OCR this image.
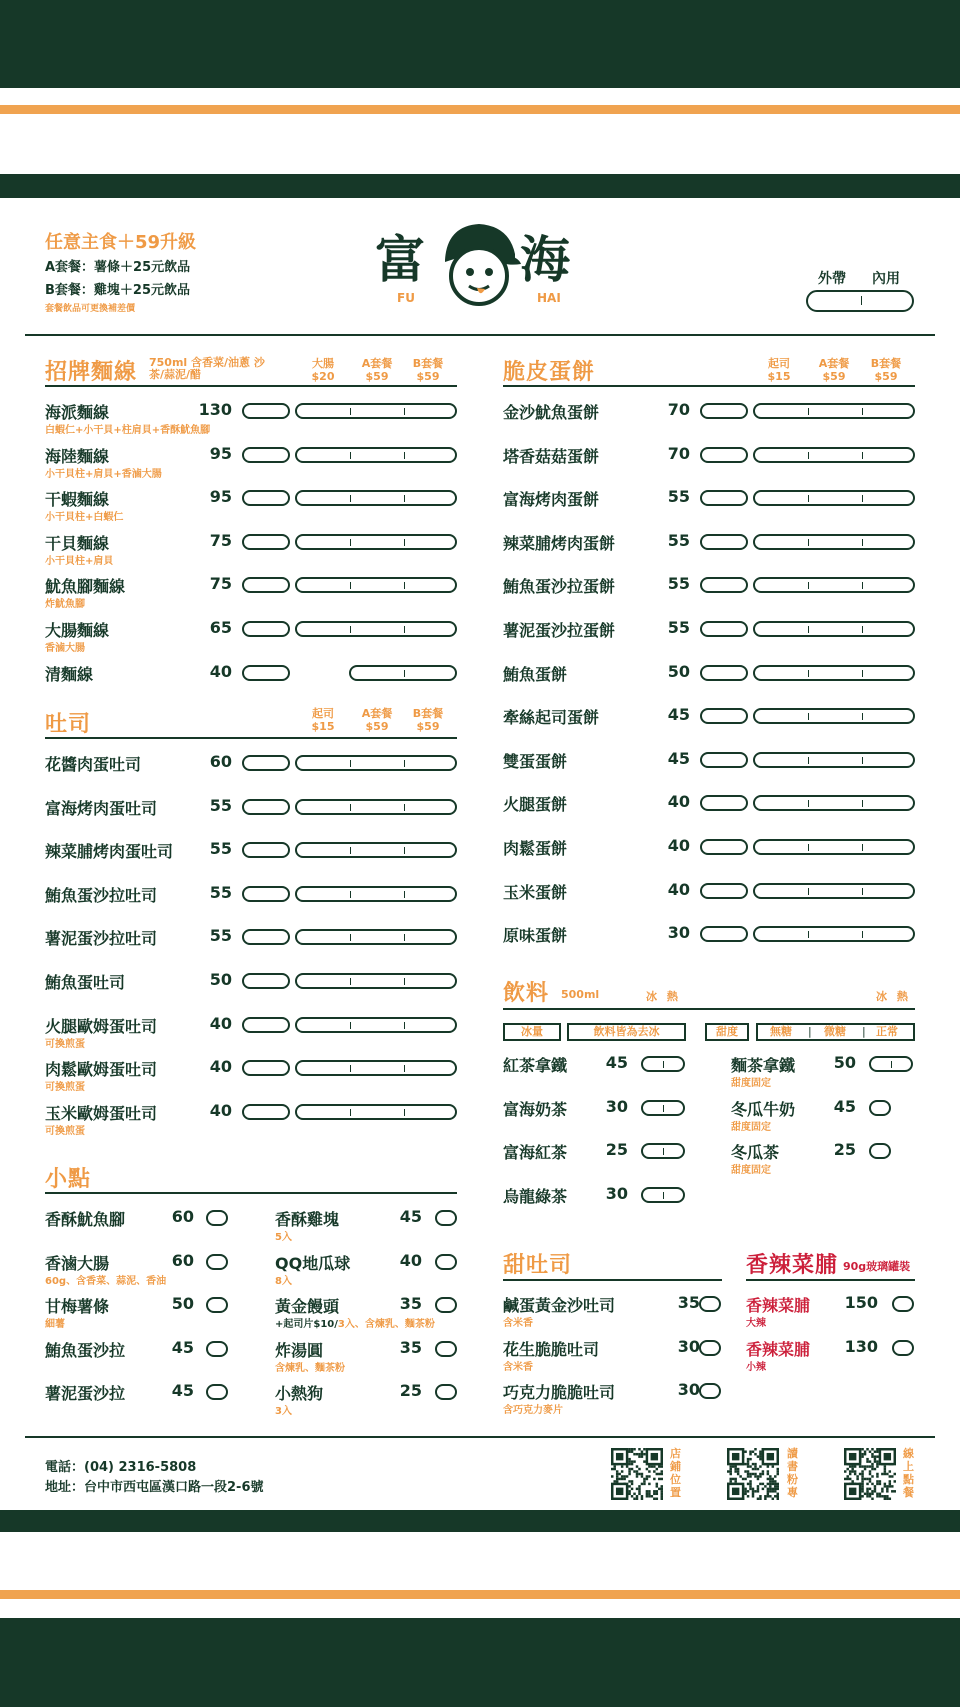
任意主食＋59升級
A套餐：薯條＋25元飲品
B套餐：雞塊＋25元飲品
套餐飲品可更換補差價
富 海
FU	HAI
外帶 內用
招牌麵線 750ml 含香菜/油蔥 沙茶/蒜泥/醋
大腸 $20
A套餐 $59
B套餐 $59
海派麵線	130
白蝦仁+小干貝+柱肩貝+香酥魷魚腳
海陸麵線	95
小干貝柱+肩貝+香滷大腸
干蝦麵線	95
小干貝柱+白蝦仁
干貝麵線	75
小干貝柱+肩貝
魷魚腳麵線	75
炸魷魚腳
大腸麵線	65
香滷大腸
清麵線	40
吐司	起司 $15
A套餐 $59
B套餐 $59
花醬肉蛋吐司	60
富海烤肉蛋吐司	55
辣菜脯烤肉蛋吐司	55
鮪魚蛋沙拉吐司	55
薯泥蛋沙拉吐司	55
鮪魚蛋吐司	50
火腿歐姆蛋吐司	40
可換煎蛋
肉鬆歐姆蛋吐司	40
可換煎蛋
玉米歐姆蛋吐司	40
可換煎蛋
小點
香酥魷魚腳	60
香滷大腸	60
60g、含香菜、蒜泥、香油
甘梅薯條	50
細薯
鮪魚蛋沙拉	45
薯泥蛋沙拉	45
香酥雞塊	45
5入
QQ地瓜球	40
8入
黃金饅頭	35
+起司片$10/3入、含煉乳、麵茶粉
炸湯圓	35
含煉乳、麵茶粉
小熱狗	25
3入
脆皮蛋餅	起司 $15
A套餐 $59
B套餐 $59
金沙魷魚蛋餅	70
塔香菇菇蛋餅	70
富海烤肉蛋餅	55
辣菜脯烤肉蛋餅	55
鮪魚蛋沙拉蛋餅	55
薯泥蛋沙拉蛋餅	55
鮪魚蛋餅	50
牽絲起司蛋餅	45
雙蛋蛋餅	45
火腿蛋餅	40
肉鬆蛋餅	40
玉米蛋餅	40
原味蛋餅	30
飲料 500ml	冰 熱	冰 熱
冰量	飲料皆為去冰	甜度	無糖 | 微糖 | 正常
紅茶拿鐵	45
富海奶茶	30
富海紅茶	25
烏龍綠茶	30
麵茶拿鐵	50
甜度固定
冬瓜牛奶	45
甜度固定
冬瓜茶	25
甜度固定
甜吐司
鹹蛋黃金沙吐司	35
含米香
花生脆脆吐司	30
含米香
巧克力脆脆吐司	30
含巧克力麥片
香辣菜脯 90g玻璃罐裝
香辣菜脯	150
大辣
香辣菜脯	130
小辣
電話：(04) 2316-5808
地址：台中市西屯區漢口路一段2-6號
店鋪位置
讀書粉專
線上點餐
